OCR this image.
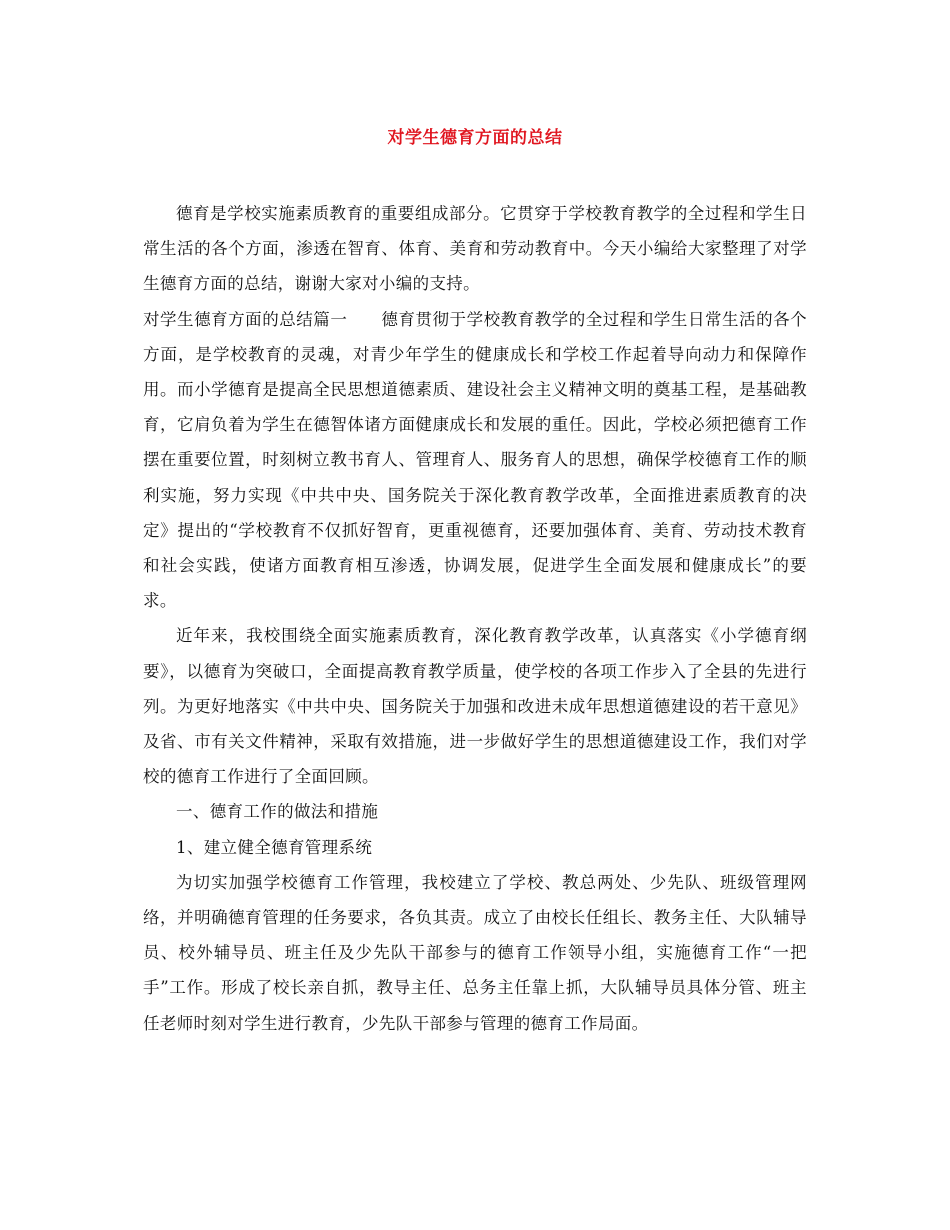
对学生德育方面的总结

德育是学校实施素质教育的重要组成部分。它贯穿于学校教育教学的全过程和学生日常生活的各个方面，渗透在智育、体育、美育和劳动教育中。今天小编给大家整理了对学生德育方面的总结，谢谢大家对小编的支持。

对学生德育方面的总结篇一　　德育贯彻于学校教育教学的全过程和学生日常生活的各个方面，是学校教育的灵魂，对青少年学生的健康成长和学校工作起着导向动力和保障作用。而小学德育是提高全民思想道德素质、建设社会主义精神文明的奠基工程，是基础教育，它肩负着为学生在德智体诸方面健康成长和发展的重任。因此，学校必须把德育工作摆在重要位置，时刻树立教书育人、管理育人、服务育人的思想，确保学校德育工作的顺利实施，努力实现《中共中央、国务院关于深化教育教学改革，全面推进素质教育的决定》提出的“学校教育不仅抓好智育，更重视德育，还要加强体育、美育、劳动技术教育和社会实践，使诸方面教育相互渗透，协调发展，促进学生全面发展和健康成长”的要求。

近年来，我校围绕全面实施素质教育，深化教育教学改革，认真落实《小学德育纲要》，以德育为突破口，全面提高教育教学质量，使学校的各项工作步入了全县的先进行列。为更好地落实《中共中央、国务院关于加强和改进未成年思想道德建设的若干意见》及省、市有关文件精神，采取有效措施，进一步做好学生的思想道德建设工作，我们对学校的德育工作进行了全面回顾。

一、德育工作的做法和措施

1、建立健全德育管理系统

为切实加强学校德育工作管理，我校建立了学校、教总两处、少先队、班级管理网络，并明确德育管理的任务要求，各负其责。成立了由校长任组长、教务主任、大队辅导员、校外辅导员、班主任及少先队干部参与的德育工作领导小组，实施德育工作“一把手”工作。形成了校长亲自抓，教导主任、总务主任靠上抓，大队辅导员具体分管、班主任老师时刻对学生进行教育，少先队干部参与管理的德育工作局面。
